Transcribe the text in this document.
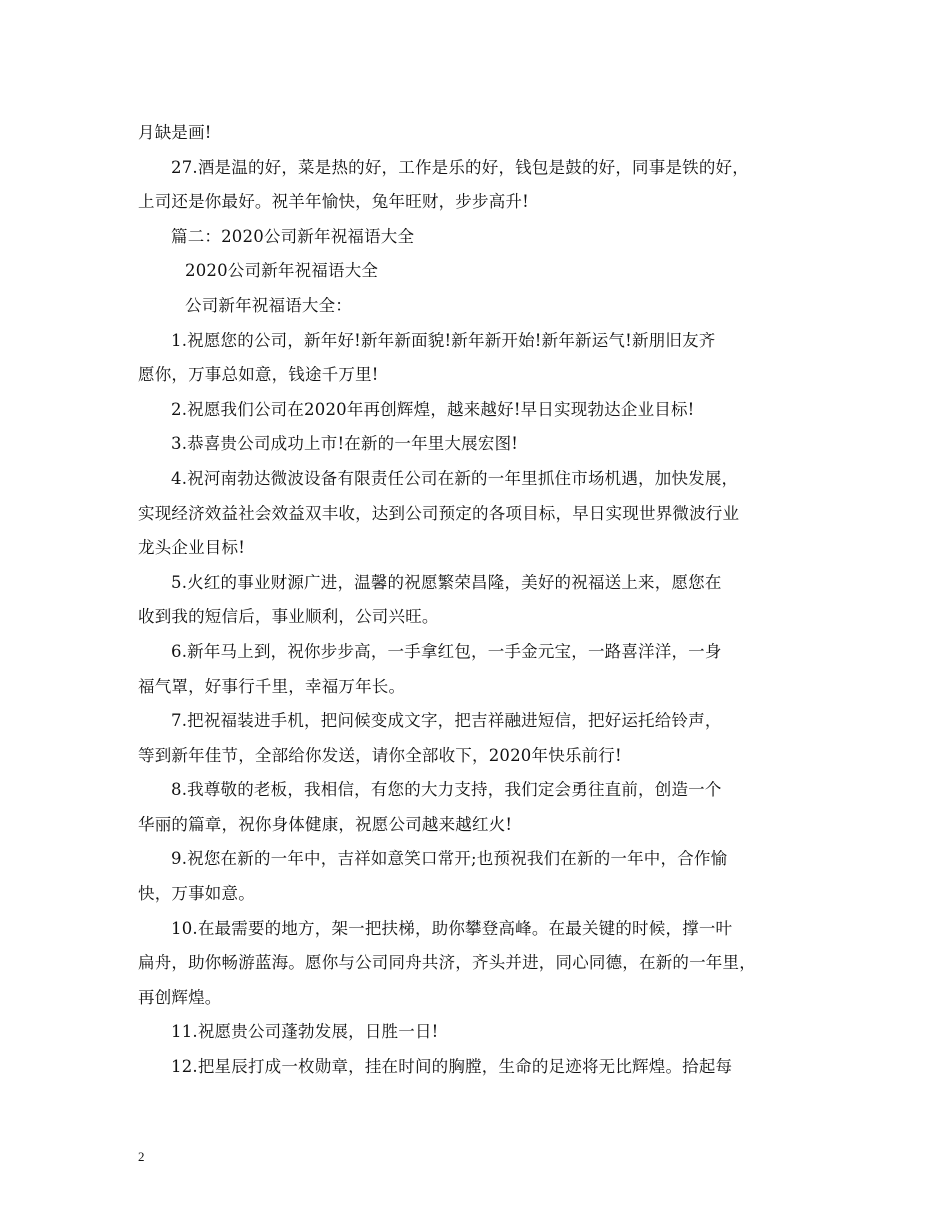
月缺是画!
27.酒是温的好，菜是热的好，工作是乐的好，钱包是鼓的好，同事是铁的好，
上司还是你最好。祝羊年愉快，兔年旺财，步步高升!
篇二：2020公司新年祝福语大全
2020公司新年祝福语大全
公司新年祝福语大全：
1.祝愿您的公司，新年好!新年新面貌!新年新开始!新年新运气!新朋旧友齐
愿你，万事总如意，钱途千万里!
2.祝愿我们公司在2020年再创辉煌，越来越好!早日实现勃达企业目标!
3.恭喜贵公司成功上市!在新的一年里大展宏图!
4.祝河南勃达微波设备有限责任公司在新的一年里抓住市场机遇，加快发展，
实现经济效益社会效益双丰收，达到公司预定的各项目标，早日实现世界微波行业
龙头企业目标!
5.火红的事业财源广进，温馨的祝愿繁荣昌隆，美好的祝福送上来，愿您在
收到我的短信后，事业顺利，公司兴旺。
6.新年马上到，祝你步步高，一手拿红包，一手金元宝，一路喜洋洋，一身
福气罩，好事行千里，幸福万年长。
7.把祝福装进手机，把问候变成文字，把吉祥融进短信，把好运托给铃声，
等到新年佳节，全部给你发送，请你全部收下，2020年快乐前行!
8.我尊敬的老板，我相信，有您的大力支持，我们定会勇往直前，创造一个
华丽的篇章，祝你身体健康，祝愿公司越来越红火!
9.祝您在新的一年中，吉祥如意笑口常开;也预祝我们在新的一年中，合作愉
快，万事如意。
10.在最需要的地方，架一把扶梯，助你攀登高峰。在最关键的时候，撑一叶
扁舟，助你畅游蓝海。愿你与公司同舟共济，齐头并进，同心同德，在新的一年里，
再创辉煌。
11.祝愿贵公司蓬勃发展，日胜一日!
12.把星辰打成一枚勋章，挂在时间的胸膛，生命的足迹将无比辉煌。拾起每
2
